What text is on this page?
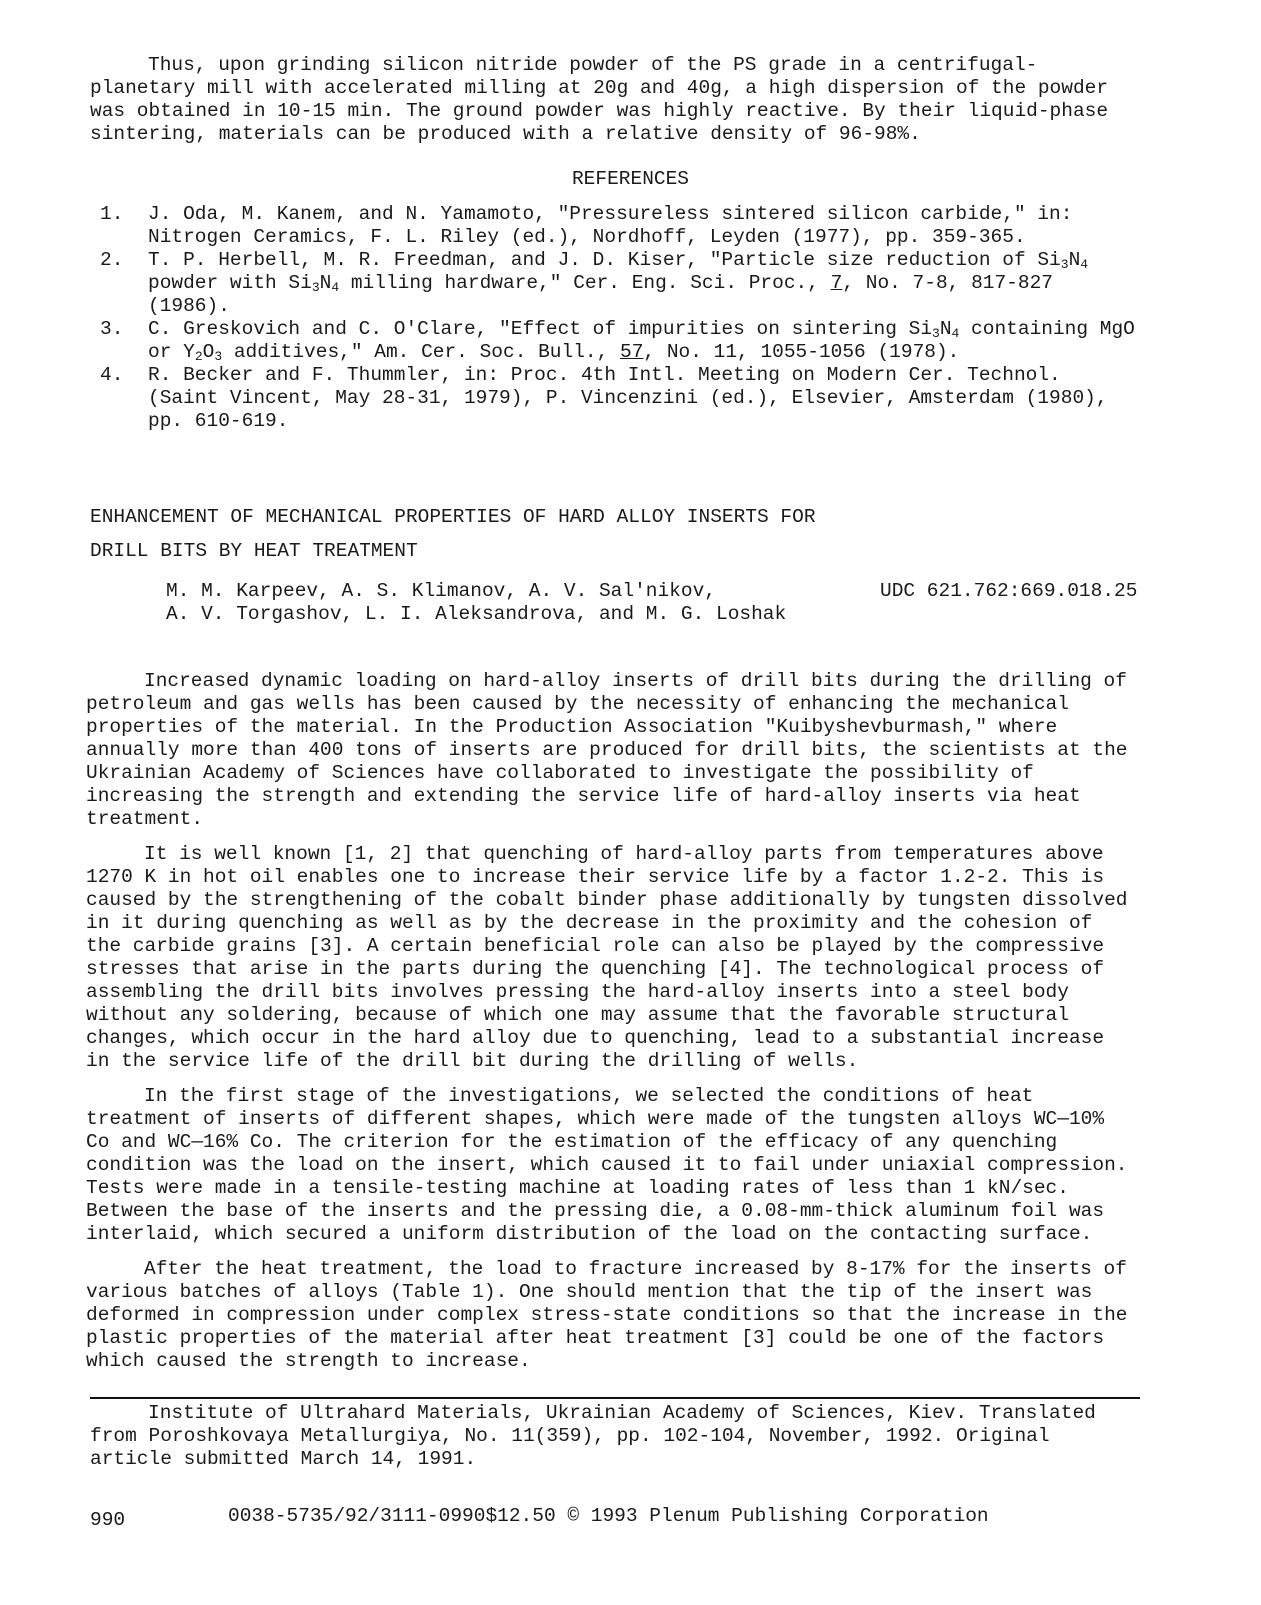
Thus, upon grinding silicon nitride powder of the PS grade in a centrifugal-planetary mill with accelerated milling at 20g and 40g, a high dispersion of the powder was obtained in 10-15 min. The ground powder was highly reactive. By their liquid-phase sintering, materials can be produced with a relative density of 96-98%.

REFERENCES
1. J. Oda, M. Kanem, and N. Yamamoto, "Pressureless sintered silicon carbide," in: Nitrogen Ceramics, F. L. Riley (ed.), Nordhoff, Leyden (1977), pp. 359-365.
2. T. P. Herbell, M. R. Freedman, and J. D. Kiser, "Particle size reduction of $Si_3N_4$ powder with $Si_3N_4$ milling hardware," Cer. Eng. Sci. Proc., 7, No. 7-8, 817-827 (1986).
3. C. Greskovich and C. O'Clare, "Effect of impurities on sintering $Si_3N_4$ containing MgO or $Y_2O_3$ additives," Am. Cer. Soc. Bull., 57, No. 11, 1055-1056 (1978).
4. R. Becker and F. Thummler, in: Proc. 4th Intl. Meeting on Modern Cer. Technol. (Saint Vincent, May 28-31, 1979), P. Vincenzini (ed.), Elsevier, Amsterdam (1980), pp. 610-619.
ENHANCEMENT OF MECHANICAL PROPERTIES OF HARD ALLOY INSERTS FOR
DRILL BITS BY HEAT TREATMENT
M. M. Karpeev, A. S. Klimanov, A. V. Sal'nikov,
A. V. Torgashov, L. I. Aleksandrova, and M. G. Loshak
UDC 621.762:669.018.25

Increased dynamic loading on hard-alloy inserts of drill bits during the drilling of petroleum and gas wells has been caused by the necessity of enhancing the mechanical properties of the material. In the Production Association "Kuibyshevburmash," where annually more than 400 tons of inserts are produced for drill bits, the scientists at the Ukrainian Academy of Sciences have collaborated to investigate the possibility of increasing the strength and extending the service life of hard-alloy inserts via heat treatment.

It is well known [1, 2] that quenching of hard-alloy parts from temperatures above 1270 K in hot oil enables one to increase their service life by a factor 1.2-2. This is caused by the strengthening of the cobalt binder phase additionally by tungsten dissolved in it during quenching as well as by the decrease in the proximity and the cohesion of the carbide grains [3]. A certain beneficial role can also be played by the compressive stresses that arise in the parts during the quenching [4]. The technological process of assembling the drill bits involves pressing the hard-alloy inserts into a steel body without any soldering, because of which one may assume that the favorable structural changes, which occur in the hard alloy due to quenching, lead to a substantial increase in the service life of the drill bit during the drilling of wells.

In the first stage of the investigations, we selected the conditions of heat treatment of inserts of different shapes, which were made of the tungsten alloys WC—10% Co and WC—16% Co. The criterion for the estimation of the efficacy of any quenching condition was the load on the insert, which caused it to fail under uniaxial compression. Tests were made in a tensile-testing machine at loading rates of less than 1 kN/sec. Between the base of the inserts and the pressing die, a 0.08-mm-thick aluminum foil was interlaid, which secured a uniform distribution of the load on the contacting surface.

After the heat treatment, the load to fracture increased by 8-17% for the inserts of various batches of alloys (Table 1). One should mention that the tip of the insert was deformed in compression under complex stress-state conditions so that the increase in the plastic properties of the material after heat treatment [3] could be one of the factors which caused the strength to increase.

Institute of Ultrahard Materials, Ukrainian Academy of Sciences, Kiev. Translated from Poroshkovaya Metallurgiya, No. 11(359), pp. 102-104, November, 1992. Original article submitted March 14, 1991.

990	0038-5735/92/3111-0990$12.50 © 1993 Plenum Publishing Corporation
